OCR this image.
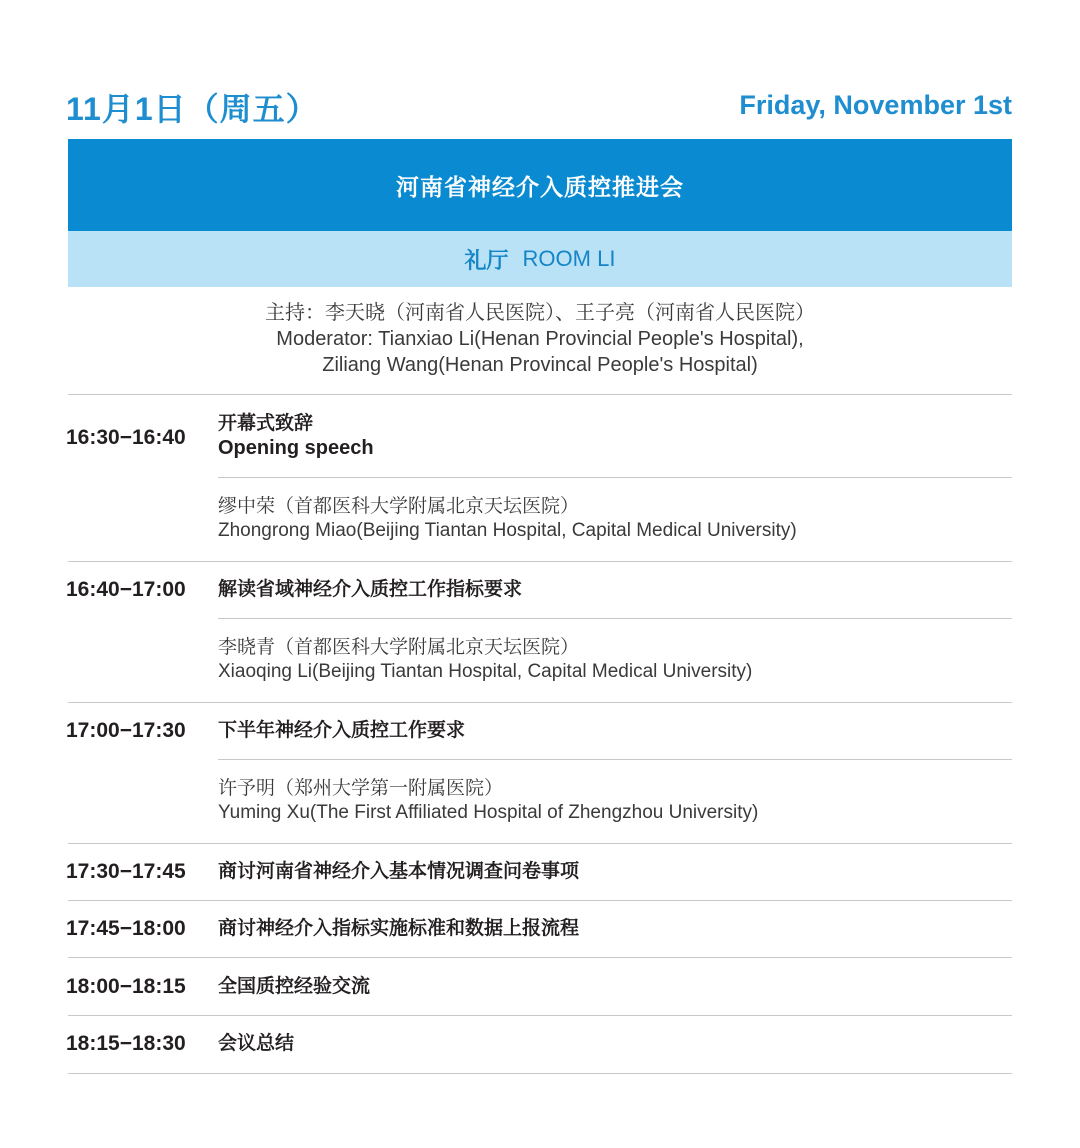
11月1日（周五）	Friday, November 1st
河南省神经介入质控推进会
礼厅 ROOM LI
主持：李天晓（河南省人民医院）、王子亮（河南省人民医院）
Moderator: Tianxiao Li(Henan Provincial People's Hospital),
Ziliang Wang(Henan Provincal People's Hospital)
16:30−16:40
开幕式致辞
Opening speech
缪中荣（首都医科大学附属北京天坛医院）
Zhongrong Miao(Beijing Tiantan Hospital, Capital Medical University)
16:40−17:00 解读省域神经介入质控工作指标要求
李晓青（首都医科大学附属北京天坛医院）
Xiaoqing Li(Beijing Tiantan Hospital, Capital Medical University)
17:00−17:30 下半年神经介入质控工作要求
许予明（郑州大学第一附属医院）
Yuming Xu(The First Affiliated Hospital of Zhengzhou University)
17:30−17:45 商讨河南省神经介入基本情况调查问卷事项
17:45−18:00 商讨神经介入指标实施标准和数据上报流程
18:00−18:15 全国质控经验交流
18:15−18:30 会议总结
